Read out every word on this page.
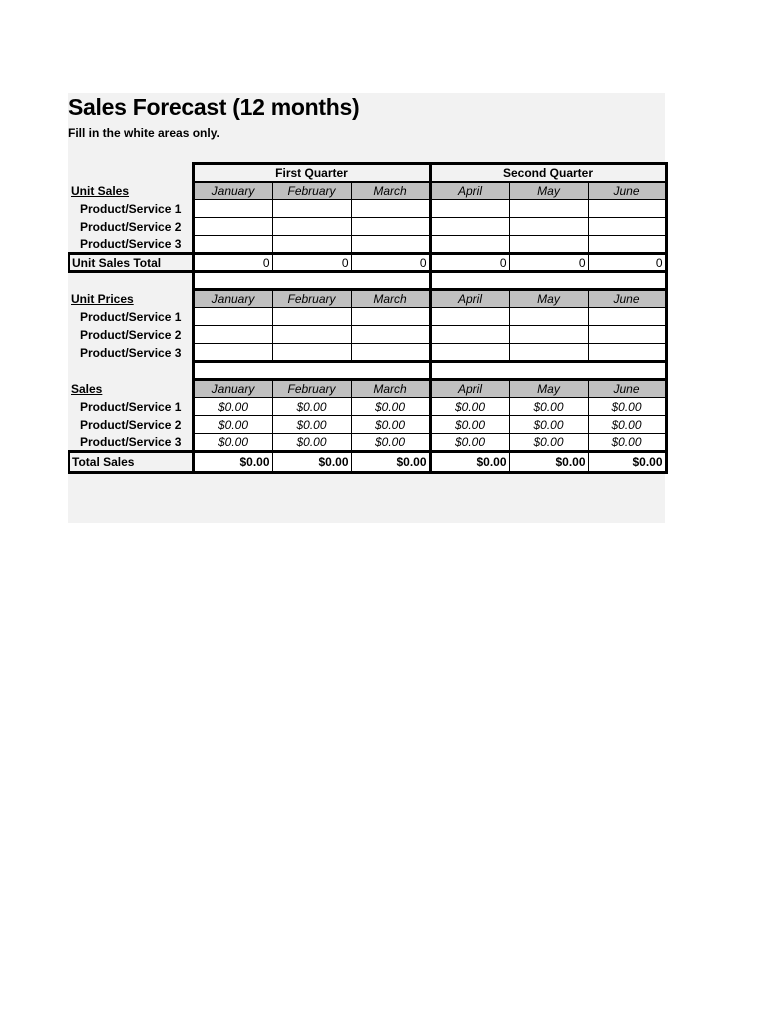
Sales Forecast (12 months)
Fill in the white areas only.
	First Quarter			Second Quarter		
Unit Sales	January	February	March	April	May	June
Product/Service 1						
Product/Service 2						
Product/Service 3						
Unit Sales Total	0	0	0	0	0	0

Unit Prices	January	February	March	April	May	June
Product/Service 1						
Product/Service 2						
Product/Service 3						

Sales	January	February	March	April	May	June
Product/Service 1	$0.00	$0.00	$0.00	$0.00	$0.00	$0.00
Product/Service 2	$0.00	$0.00	$0.00	$0.00	$0.00	$0.00
Product/Service 3	$0.00	$0.00	$0.00	$0.00	$0.00	$0.00
Total Sales	$0.00	$0.00	$0.00	$0.00	$0.00	$0.00
